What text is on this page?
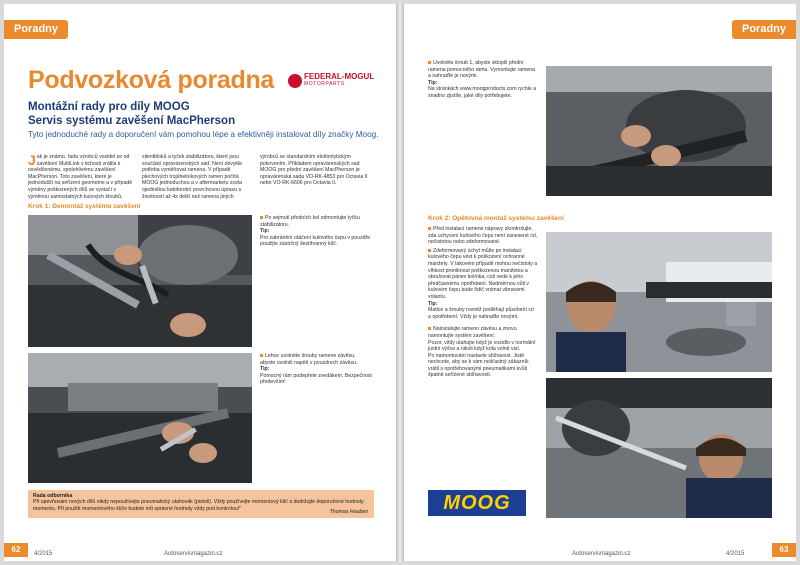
Poradny
Podvozková poradna	FEDERAL-MOGUL
MOTORPARTS
Montážní rady pro díly MOOG
Servis systému zavěšení MacPherson
Tyto jednoduché rady a doporučení vám pomohou lépe a efektivněji instalovat díly značky Moog.
Jak je známo, řada výrobců vozidel se od zavěšení MultiLink v tichosti vrátila k osvědčenému, spolehlivému zavěšení MacPherson. Toto zavěšení, které je jednodušší na seřízení geometrie a v případě výměny poškozených dílů se vystačí s výměnou samostatných kulových kloubů,
silentbloků a tyček stabilizátoru, které jsou součástí opravárenských sad. Není obvykle potřeba vyměňovat ramena. V případě plechových trojúhelníkových ramen počítá MOOG jednoduchou a v aftermarketu zcela ojedinělou katoforetní povrchovou úpravu s životností až 4x delší než ramena jiných
výrobců se standardním elektrolytickým pokovením. Příkladem opravárenských sad MOOG pro přední zavěšení MacPherson je opravárenská sada VO-RK-4853 pro Octavia II nebo VO-RK-6606 pro Octavia II.
Krok 1: Demontáž systému zavěšení
Po sejmutí předních kol odmontujte tyčku stabilizátoru.
Tip:
Pro zabránění otáčení kulového čepu v pouzdře použijte zástrčný šestihranný klíč.
Lehce uvolněte šrouby ramene závěsu, abyste uvolnili napětí v pouzdrech závěsu.
Tip:
Pomocný rám podepřete zvedákem. Bezpečnost především!
Rada odborníka
Při upevňování nových dílů nikdy nepoužívejte pneumatický utahovák (pistoli). Vždy používejte momentový klíč a dodržujte doporučené hodnoty momentu. Při použití momentového klíče budete mít správné hodnoty vždy pod kontrolou!"	Thomas Houben
62	4/2015	Autoservismagazin.cz
Poradny
Uvolněte šroub 1, abyste sklopili přední ramena pomocného rámu. Vymontujte ramena a nahraďte je novými.
Tip:
Na stránkách www.moogproducts.com rychle a snadno zjistíte, jaké díly potřebujete.
Krok 2: Opětovná montáž systému zavěšení
Před instalací ramene nápravy zkontrolujte, zda uchycení kulového čepu není zanesené rzí, nečistotou nebo zdeformované.
Zdeformovaný úchyt může po instalaci kulového čepu vést k poškození ochranné manžety. V takovém případě mohou nečistoty a vlhkost proniknout poškozenou manžetou a obrušovat pánev kolínka, což vede k jeho předčasnému opotřebení. Nadměrnou vůli v kulovém čepu bude řidič vnímat vibracemi volantu.
Tip:
Matice a šrouby rovněž podléhají působení rzi a opotřebení. Vždy je nahraďte novými.
Nainstalujte rameno závěsu a znovu namontujte systém zavěšení.
Pozor, vždy utahujte když je vozidlo v normální jízdní výšce a nikoli když kola volně visí.
Po namontování nastavte sbíhavost. Jistě nechcete, aby se k vám nešťastný zákazník vrátil s opotřebovanými pneumatikami kvůli špatně seřízené sbíhavosti.
MOOG
Autoservismagazin.cz	4/2015	63
